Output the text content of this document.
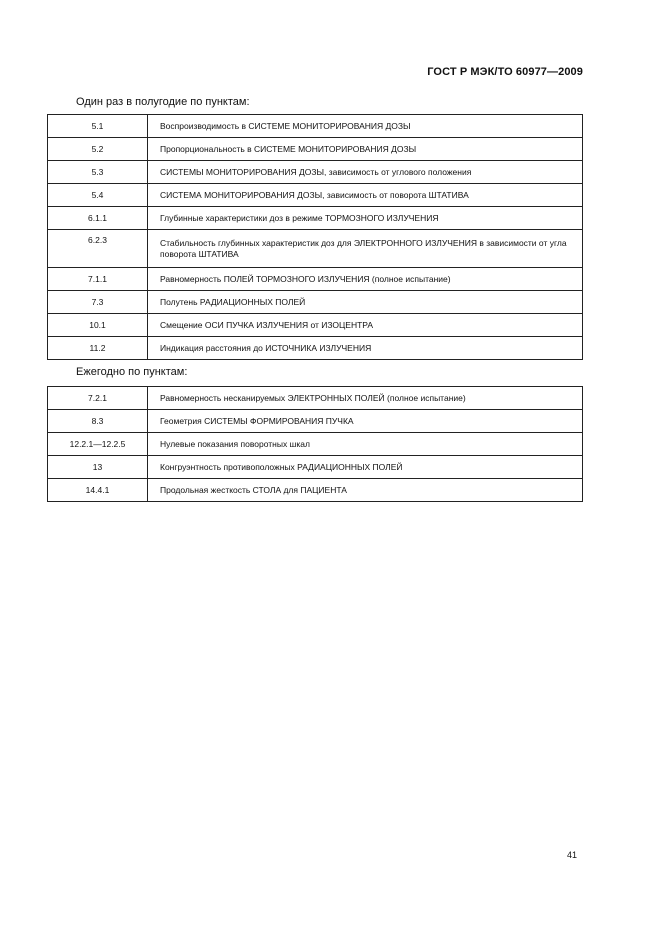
ГОСТ Р МЭК/ТО 60977—2009
Один раз в полугодие по пунктам:
5.1	Воспроизводимость в СИСТЕМЕ МОНИТОРИРОВАНИЯ ДОЗЫ
5.2	Пропорциональность в СИСТЕМЕ МОНИТОРИРОВАНИЯ ДОЗЫ
5.3	СИСТЕМЫ МОНИТОРИРОВАНИЯ ДОЗЫ, зависимость от углового положения
5.4	СИСТЕМА МОНИТОРИРОВАНИЯ ДОЗЫ, зависимость от поворота ШТАТИВА
6.1.1	Глубинные характеристики доз в режиме ТОРМОЗНОГО ИЗЛУЧЕНИЯ
6.2.3	Стабильность глубинных характеристик доз для ЭЛЕКТРОННОГО ИЗЛУЧЕНИЯ в зависимости от угла поворота ШТАТИВА
7.1.1	Равномерность ПОЛЕЙ ТОРМОЗНОГО ИЗЛУЧЕНИЯ (полное испытание)
7.3	Полутень РАДИАЦИОННЫХ ПОЛЕЙ
10.1	Смещение ОСИ ПУЧКА ИЗЛУЧЕНИЯ от ИЗОЦЕНТРА
11.2	Индикация расстояния до ИСТОЧНИКА ИЗЛУЧЕНИЯ
Ежегодно по пунктам:
7.2.1	Равномерность несканируемых ЭЛЕКТРОННЫХ ПОЛЕЙ (полное испытание)
8.3	Геометрия СИСТЕМЫ ФОРМИРОВАНИЯ ПУЧКА
12.2.1—12.2.5	Нулевые показания поворотных шкал
13	Конгруэнтность противоположных РАДИАЦИОННЫХ ПОЛЕЙ
14.4.1	Продольная жесткость СТОЛА для ПАЦИЕНТА
41
